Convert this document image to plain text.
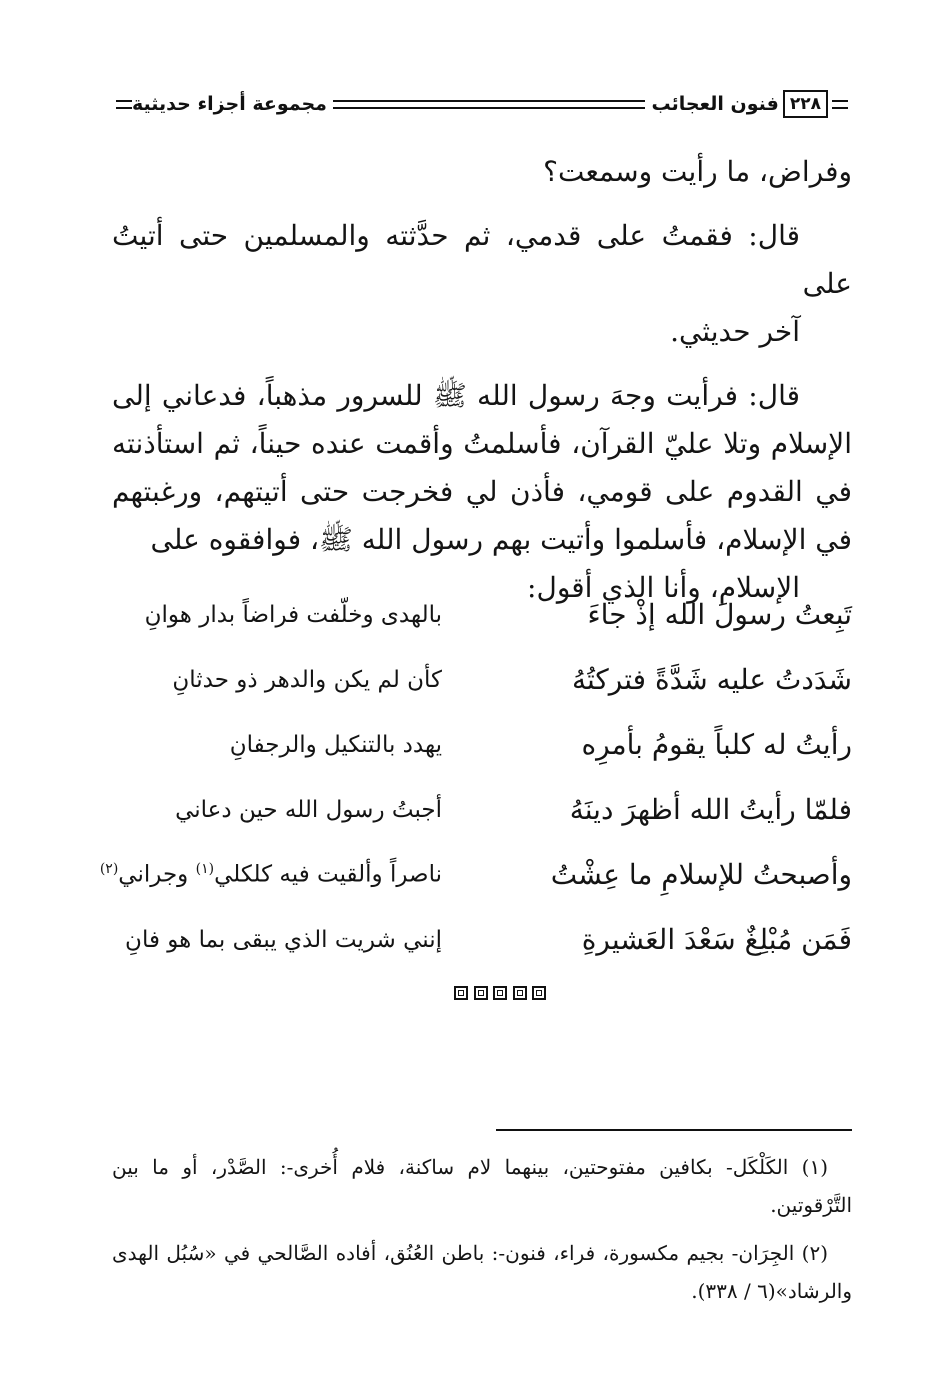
٢٢٨
فنون العجائب
مجموعة أجزاء حديثية

وفراض، ما رأيت وسمعت؟

قال: فقمتُ على قدمي، ثم حدَّثته والمسلمين حتى أتيتُ على
آخر حديثي.

قال: فرأيت وجهَ رسول الله ﷺ للسرور مذهباً، فدعاني إلى الإسلام وتلا عليّ القرآن، فأسلمتُ وأقمت عنده حيناً، ثم استأذنته في القدوم على قومي، فأذن لي فخرجت حتى أتيتهم، ورغبتهم في الإسلام، فأسلموا وأتيت بهم رسول الله ﷺ، فوافقوه على
الإسلام، وأنا الذي أقول:

تَبِعتُ رسولَ الله إذْ جاءَ
بالهدى وخلّفت فراضاً بدار هوانِ
شَدَدتُ عليه شَدَّةً فتركتُهُ
كأن لم يكن والدهر ذو حدثانِ
رأيتُ له كلباً يقومُ بأمرِه
يهدد بالتنكيل والرجفانِ
فلمّا رأيتُ الله أظهرَ دينَهُ
أجبتُ رسول الله حين دعاني
وأصبحتُ للإسلامِ ما عِشْتُ
ناصراً وألقيت فيه كلكلي$^{(١)}$ وجراني$^{(٢)}$
فَمَن مُبْلِغٌ سَعْدَ العَشيرةِ
إنني شريت الذي يبقى بما هو فانِ

(١) الكَلْكَل- بكافين مفتوحتين، بينهما لام ساكنة، فلام أُخرى-: الصَّدْر، أو ما بين التَّرْقوتين.

(٢) الجِرَان- بجيم مكسورة، فراء، فنون-: باطن العُنُق، أفاده الصَّالحي في «سُبُل الهدى والرشاد»(٦ / ٣٣٨).
